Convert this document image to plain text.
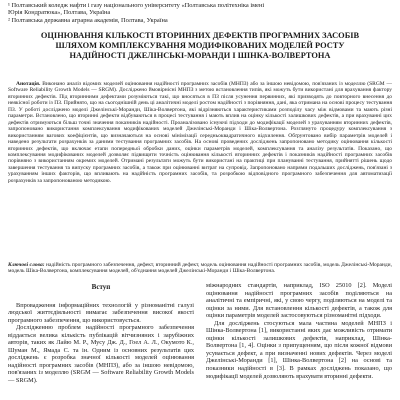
¹ Полтавський коледж нафти і газу національного університету «Полтавська політехніка імені
Юрія Кондратюка», Полтава, Україна
² Полтавська державна аграрна академія, Полтава, Україна
ОЦІНЮВАННЯ КІЛЬКОСТІ ВТОРИННИХ ДЕФЕКТІВ ПРОГРАМНИХ ЗАСОБІВ
ШЛЯХОМ КОМПЛЕКСУВАННЯ МОДИФІКОВАНИХ МОДЕЛЕЙ РОСТУ
НАДІЙНОСТІ ДЖЕЛІНСЬКІ-МОРАНДИ І ШІНКА-ВОЛВЕРТОНА
Анотація. Виконано аналіз відомих моделей оцінювання надійності програмних засобів (МНПЗ) або за іншою невідомою, пов'язаних із моделлю (SRGM — Software Reliability Growth Models — SRGM). Досліджено ймовірнісні МНПЗ з метою встановлення типів, які можуть бути використані для врахування фактору вторинних дефектів. Під вторинними дефектами розуміються такі, що вносяться в ПЗ після усунення первинних, які призводять до повторного внесення до неякісної роботи із ПЗ. Прийнято, що на сьогоднішній день ці аналітичні моделі ростом надійності з порівняння, дані, яка отримана на основі процесу тестування ПЗ. У роботі досліджено моделі Джелінські-Моранди, Шіка-Волвертона, які відрізняються характеристиками розподілу часу між відмовами та мають різні параметри. Встановлено, що вторинні дефекти відбуваються в процесі тестування і мають вплив на оцінку кількості залишкових дефектів, а при врахуванні цих дефектів отримуються більш точні значення показників надійності. Проаналізовано існуючі підходи до модифікації моделей з урахуванням вторинних дефектів, запропоновано використання комплексування модифікованих моделей Джелінські-Моранди і Шіка-Волвертона. Розглянуто процедуру комплексування з використанням вагових коефіцієнтів, що визначаються на основі мінімізації середньоквадратичного відхилення. Обґрунтовано вибір параметрів моделей і наведено результати розрахунків за даними тестування програмних засобів. На основі проведених досліджень запропоновано методику оцінювання кількості вторинних дефектів, що включає етапи попередньої обробки даних, оцінки параметрів моделей, комплексування та аналізу результатів. Показано, що комплексування модифікованих моделей дозволяє підвищити точність оцінювання кількості вторинних дефектів і показників надійності програмних засобів порівняно з використанням окремих моделей. Отримані результати можуть бути використані на практиці при плануванні тестування, прийнятті рішень щодо завершення тестування та випуску програмних засобів, а також при оцінюванні витрат на супровід. Запропоновано напрями подальших досліджень, пов'язані з урахуванням інших факторів, що впливають на надійність програмних засобів, та розробкою відповідного програмного забезпечення для автоматизації розрахунків за запропонованою методикою.
Ключові слова: надійність програмного забезпечення, дефект, вторинний дефект, модель оцінювання надійності програмних засобів, модель Джелінські-Моранди, модель Шіка-Волвертона, комплексування моделей, об'єднання моделей Джелінські-Моранди і Шіка-Волвертона.
Вступ

Впровадження інформаційних технологій у різноманітні галузі людської життєдіяльності вимагає забезпечення високої якості програмного забезпечення, що використовується.

Дослідженню проблем надійності програмного забезпечення віддається велика кількість публікацій вітчизняних і зарубіжних авторів, таких як Лайю М. Р., Мусу Дж. Д., Гоел А. Л., Окумото К., Шуман М., Ямада С. та ін. Одним із основних результатів цих досліджень є розробка значної кількості моделей оцінювання надійності програмних засобів (МНПЗ), або за іншою невідомою, пов'язаних із моделлю (SRGM — Software Reliability Growth Models — SRGM).

міжнародних стандартів, наприклад, ISO 25010 [2]. Моделі оцінювання надійності програмних засобів поділяються на аналітичні та емпіричні, які, у свою чергу, поділяються на моделі та оцінки за ними. Для встановлення кількості дефектів, а також для оцінки параметрів моделей застосовуються різноманітні підходи.

Для досліджень стосуються мала частина моделей МНПЗ і Шінка-Волвертона [1], використанні яких дає можливість отримати оцінки кількості залишкових дефектів, наприклад, Шінка-Волвертона [1, 4]. Оцінки з припущенням, що після кожної відмови усувається дефект, а при визначенні нових дефектів. Через моделі Джелінські-Моранди [1], Шінка-Волвертона [2] на основі та показники надійності в [3]. В рамках досліджень показано, що модифікації моделей дозволяють врахувати вторинні дефекти.
